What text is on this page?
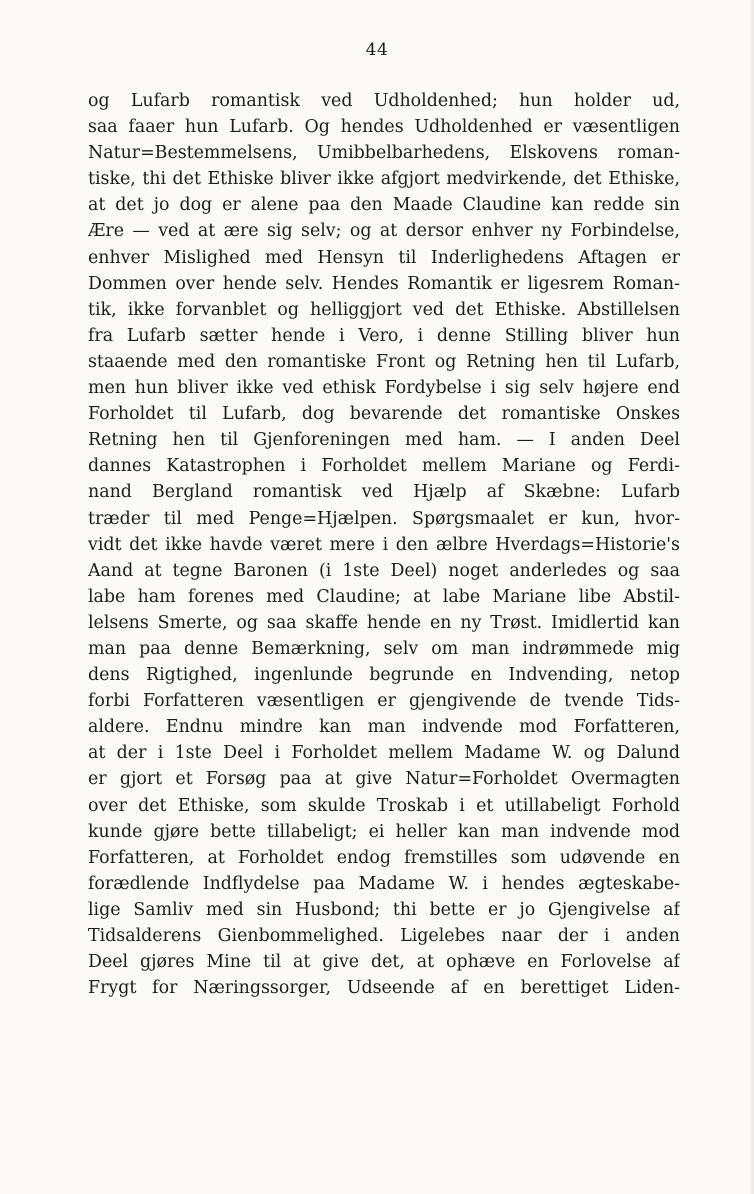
44
og Lufarb romantisk ved Udholdenhed; hun holder ud,
saa faaer hun Lufarb. Og hendes Udholdenhed er væsentligen
Natur=Bestemmelsens, Umibbelbarhedens, Elskovens roman-
tiske, thi det Ethiske bliver ikke afgjort medvirkende, det Ethiske,
at det jo dog er alene paa den Maade Claudine kan redde sin
Ære — ved at ære sig selv; og at dersor enhver ny Forbindelse,
enhver Mislighed med Hensyn til Inderlighedens Aftagen er
Dommen over hende selv. Hendes Romantik er ligesrem Roman-
tik, ikke forvanblet og helliggjort ved det Ethiske. Abstillelsen
fra Lufarb sætter hende i Vero, i denne Stilling bliver hun
staaende med den romantiske Front og Retning hen til Lufarb,
men hun bliver ikke ved ethisk Fordybelse i sig selv højere end
Forholdet til Lufarb, dog bevarende det romantiske Onskes
Retning hen til Gjenforeningen med ham. — I anden Deel
dannes Katastrophen i Forholdet mellem Mariane og Ferdi-
nand Bergland romantisk ved Hjælp af Skæbne: Lufarb
træder til med Penge=Hjælpen. Spørgsmaalet er kun, hvor-
vidt det ikke havde været mere i den ælbre Hverdags=Historie's
Aand at tegne Baronen (i 1ste Deel) noget anderledes og saa
labe ham forenes med Claudine; at labe Mariane libe Abstil-
lelsens Smerte, og saa skaffe hende en ny Trøst. Imidlertid kan
man paa denne Bemærkning, selv om man indrømmede mig
dens Rigtighed, ingenlunde begrunde en Indvending, netop
forbi Forfatteren væsentligen er gjengivende de tvende Tids-
aldere. Endnu mindre kan man indvende mod Forfatteren,
at der i 1ste Deel i Forholdet mellem Madame W. og Dalund
er gjort et Forsøg paa at give Natur=Forholdet Overmagten
over det Ethiske, som skulde Troskab i et utillabeligt Forhold
kunde gjøre bette tillabeligt; ei heller kan man indvende mod
Forfatteren, at Forholdet endog fremstilles som udøvende en
forædlende Indflydelse paa Madame W. i hendes ægteskabe-
lige Samliv med sin Husbond; thi bette er jo Gjengivelse af
Tidsalderens Gienbommelighed. Ligelebes naar der i anden
Deel gjøres Mine til at give det, at ophæve en Forlovelse af
Frygt for Næringssorger, Udseende af en berettiget Liden-
